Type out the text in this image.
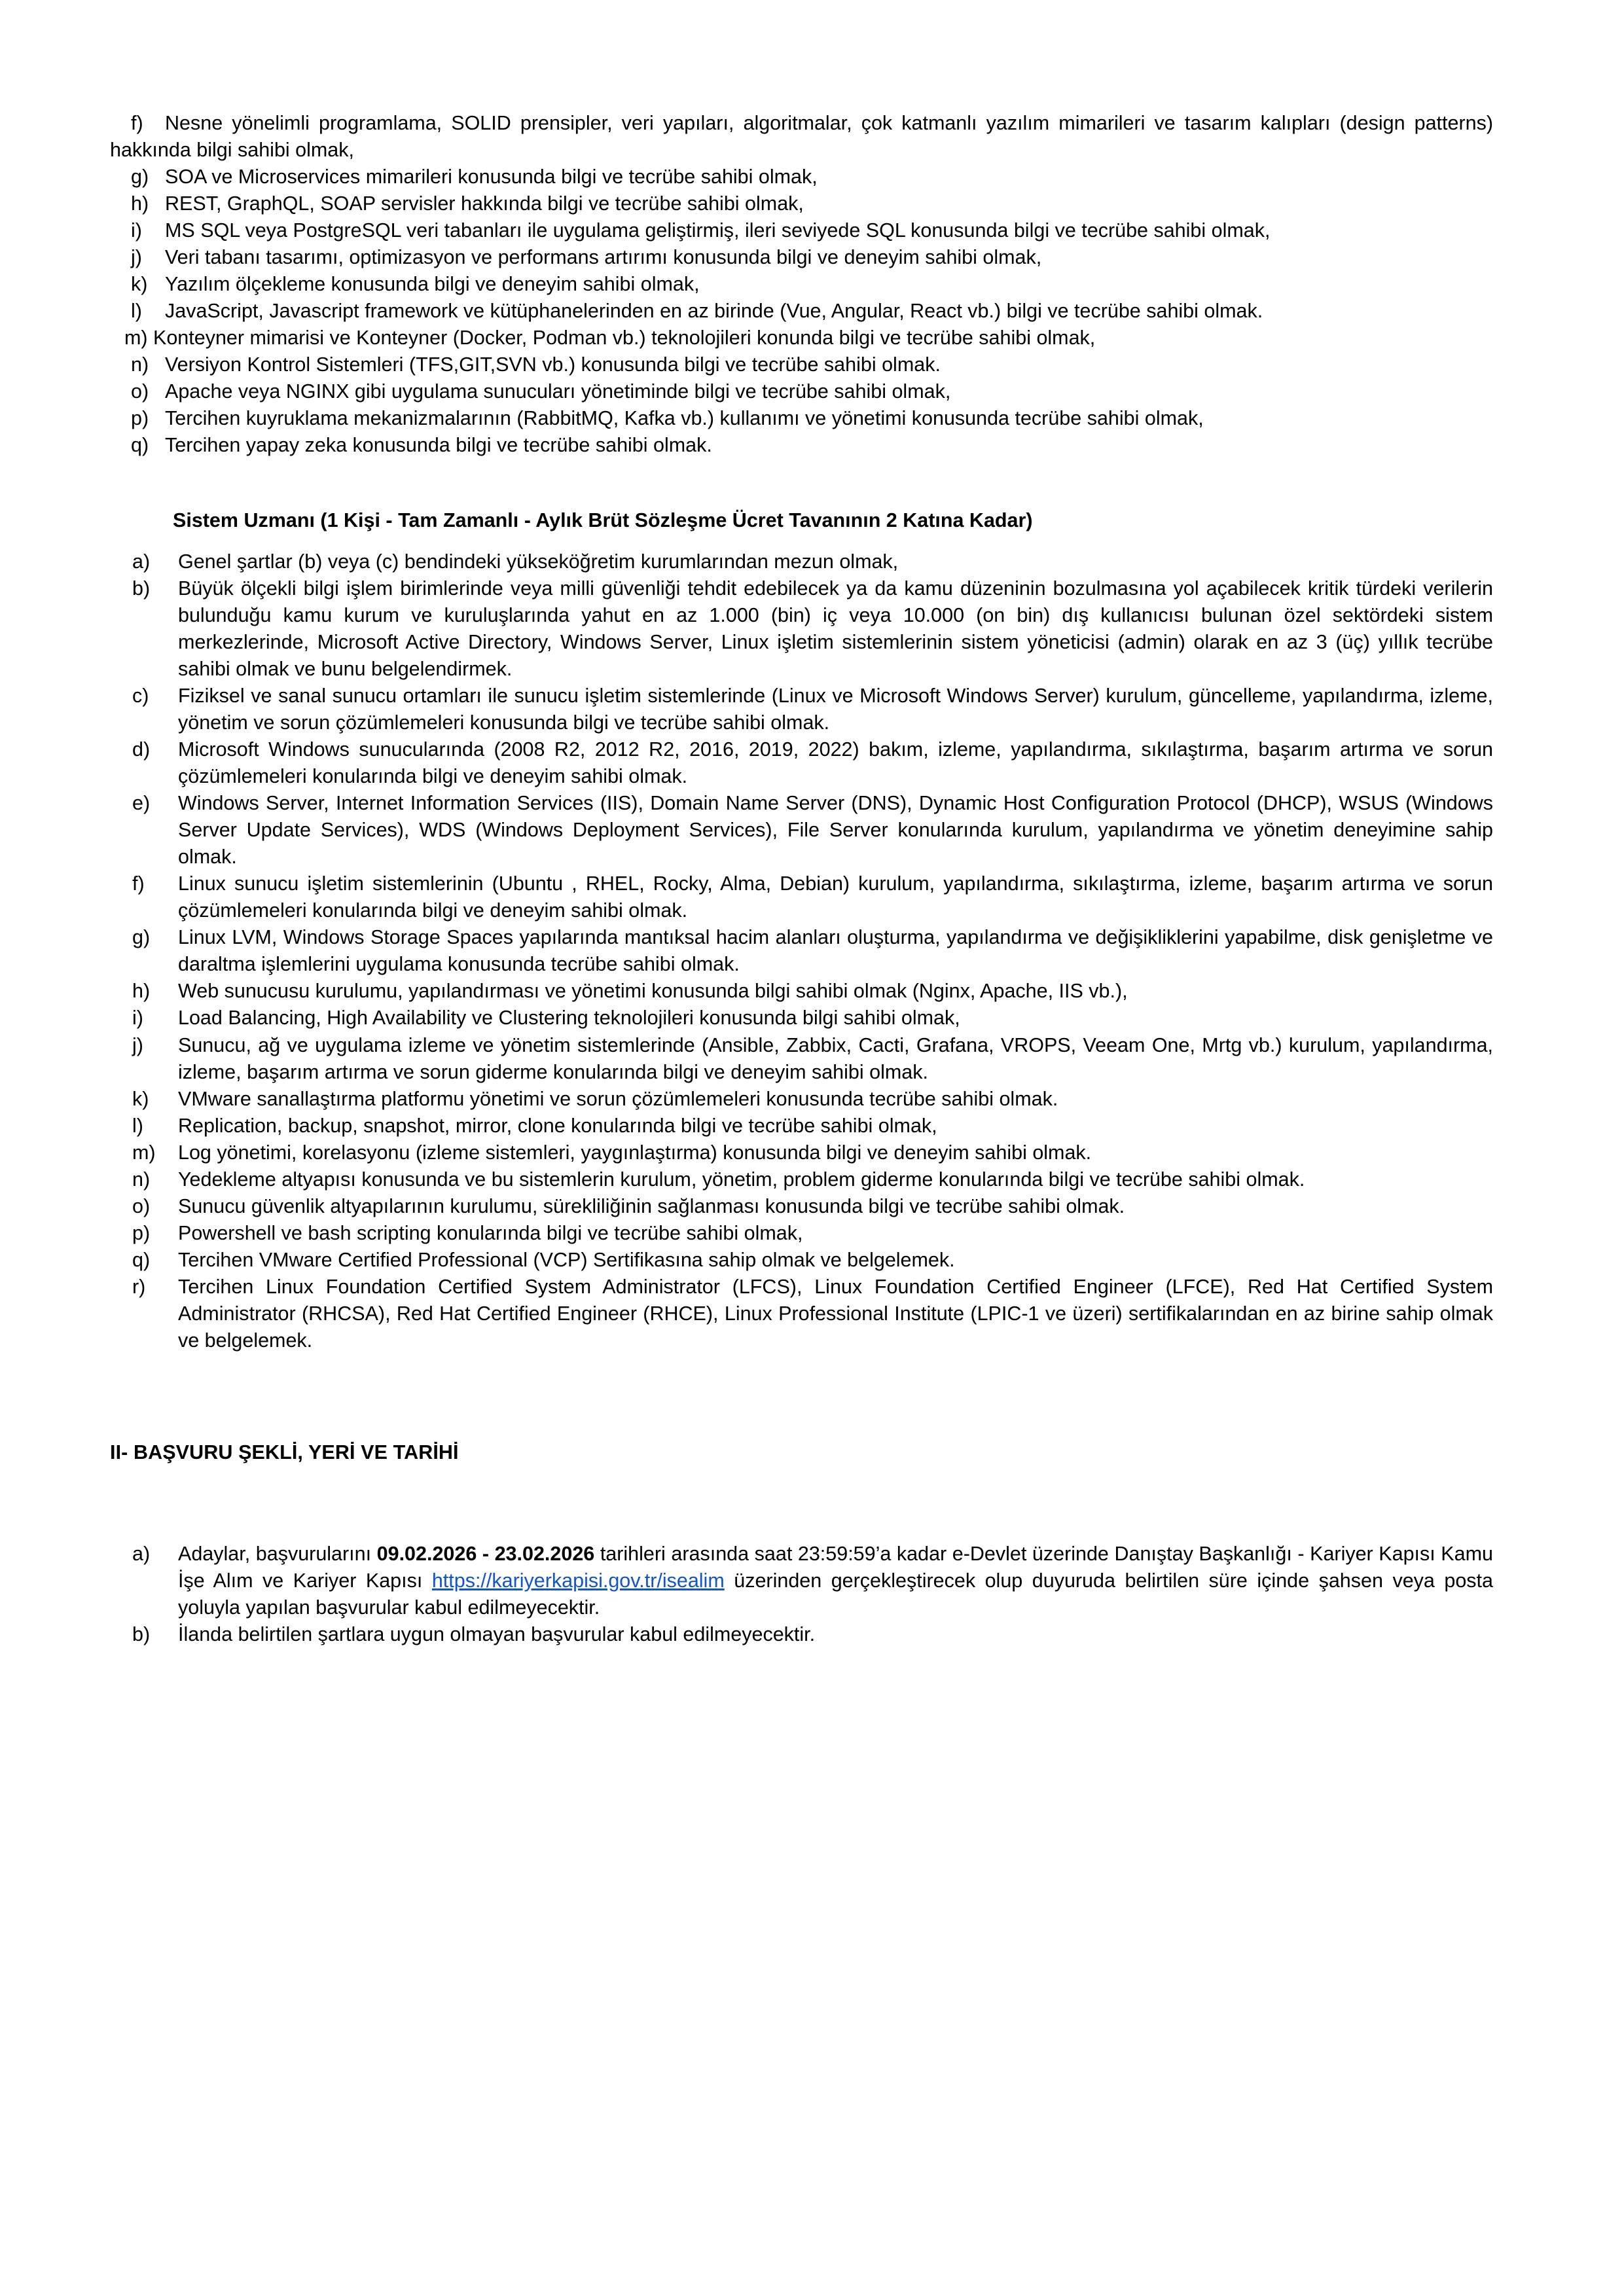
f) Nesne yönelimli programlama, SOLID prensipler, veri yapıları, algoritmalar, çok katmanlı yazılım mimarileri ve tasarım kalıpları (design patterns) hakkında bilgi sahibi olmak,
g) SOA ve Microservices mimarileri konusunda bilgi ve tecrübe sahibi olmak,
h) REST, GraphQL, SOAP servisler hakkında bilgi ve tecrübe sahibi olmak,
i) MS SQL veya PostgreSQL veri tabanları ile uygulama geliştirmiş, ileri seviyede SQL konusunda bilgi ve tecrübe sahibi olmak,
j) Veri tabanı tasarımı, optimizasyon ve performans artırımı konusunda bilgi ve deneyim sahibi olmak,
k) Yazılım ölçekleme konusunda bilgi ve deneyim sahibi olmak,
l) JavaScript, Javascript framework ve kütüphanelerinden en az birinde (Vue, Angular, React vb.) bilgi ve tecrübe sahibi olmak.
m) Konteyner mimarisi ve Konteyner (Docker, Podman vb.) teknolojileri konunda bilgi ve tecrübe sahibi olmak,
n) Versiyon Kontrol Sistemleri (TFS,GIT,SVN vb.) konusunda bilgi ve tecrübe sahibi olmak.
o) Apache veya NGINX gibi uygulama sunucuları yönetiminde bilgi ve tecrübe sahibi olmak,
p) Tercihen kuyruklama mekanizmalarının (RabbitMQ, Kafka vb.) kullanımı ve yönetimi konusunda tecrübe sahibi olmak,
q) Tercihen yapay zeka konusunda bilgi ve tecrübe sahibi olmak.
Sistem Uzmanı (1 Kişi - Tam Zamanlı - Aylık Brüt Sözleşme Ücret Tavanının 2 Katına Kadar)
a) Genel şartlar (b) veya (c) bendindeki yükseköğretim kurumlarından mezun olmak,
b) Büyük ölçekli bilgi işlem birimlerinde veya milli güvenliği tehdit edebilecek ya da kamu düzeninin bozulmasına yol açabilecek kritik türdeki verilerin bulunduğu kamu kurum ve kuruluşlarında yahut en az 1.000 (bin) iç veya 10.000 (on bin) dış kullanıcısı bulunan özel sektördeki sistem merkezlerinde, Microsoft Active Directory, Windows Server, Linux işletim sistemlerinin sistem yöneticisi (admin) olarak en az 3 (üç) yıllık tecrübe sahibi olmak ve bunu belgelendirmek.
c) Fiziksel ve sanal sunucu ortamları ile sunucu işletim sistemlerinde (Linux ve Microsoft Windows Server) kurulum, güncelleme, yapılandırma, izleme, yönetim ve sorun çözümlemeleri konusunda bilgi ve tecrübe sahibi olmak.
d) Microsoft Windows sunucularında (2008 R2, 2012 R2, 2016, 2019, 2022) bakım, izleme, yapılandırma, sıkılaştırma, başarım artırma ve sorun çözümlemeleri konularında bilgi ve deneyim sahibi olmak.
e) Windows Server, Internet Information Services (IIS), Domain Name Server (DNS), Dynamic Host Configuration Protocol (DHCP), WSUS (Windows Server Update Services), WDS (Windows Deployment Services), File Server konularında kurulum, yapılandırma ve yönetim deneyimine sahip olmak.
f) Linux sunucu işletim sistemlerinin (Ubuntu , RHEL, Rocky, Alma, Debian) kurulum, yapılandırma, sıkılaştırma, izleme, başarım artırma ve sorun çözümlemeleri konularında bilgi ve deneyim sahibi olmak.
g) Linux LVM, Windows Storage Spaces yapılarında mantıksal hacim alanları oluşturma, yapılandırma ve değişikliklerini yapabilme, disk genişletme ve daraltma işlemlerini uygulama konusunda tecrübe sahibi olmak.
h) Web sunucusu kurulumu, yapılandırması ve yönetimi konusunda bilgi sahibi olmak (Nginx, Apache, IIS vb.),
i) Load Balancing, High Availability ve Clustering teknolojileri konusunda bilgi sahibi olmak,
j) Sunucu, ağ ve uygulama izleme ve yönetim sistemlerinde (Ansible, Zabbix, Cacti, Grafana, VROPS, Veeam One, Mrtg vb.) kurulum, yapılandırma, izleme, başarım artırma ve sorun giderme konularında bilgi ve deneyim sahibi olmak.
k) VMware sanallaştırma platformu yönetimi ve sorun çözümlemeleri konusunda tecrübe sahibi olmak.
l) Replication, backup, snapshot, mirror, clone konularında bilgi ve tecrübe sahibi olmak,
m) Log yönetimi, korelasyonu (izleme sistemleri, yaygınlaştırma) konusunda bilgi ve deneyim sahibi olmak.
n) Yedekleme altyapısı konusunda ve bu sistemlerin kurulum, yönetim, problem giderme konularında bilgi ve tecrübe sahibi olmak.
o) Sunucu güvenlik altyapılarının kurulumu, sürekliliğinin sağlanması konusunda bilgi ve tecrübe sahibi olmak.
p) Powershell ve bash scripting konularında bilgi ve tecrübe sahibi olmak,
q) Tercihen VMware Certified Professional (VCP) Sertifikasına sahip olmak ve belgelemek.
r) Tercihen Linux Foundation Certified System Administrator (LFCS), Linux Foundation Certified Engineer (LFCE), Red Hat Certified System Administrator (RHCSA), Red Hat Certified Engineer (RHCE), Linux Professional Institute (LPIC-1 ve üzeri) sertifikalarından en az birine sahip olmak ve belgelemek.
II- BAŞVURU ŞEKLİ, YERİ VE TARİHİ
a) Adaylar, başvurularını 09.02.2026 - 23.02.2026 tarihleri arasında saat 23:59:59’a kadar e-Devlet üzerinde Danıştay Başkanlığı - Kariyer Kapısı Kamu İşe Alım ve Kariyer Kapısı https://kariyerkapisi.gov.tr/isealim üzerinden gerçekleştirecek olup duyuruda belirtilen süre içinde şahsen veya posta yoluyla yapılan başvurular kabul edilmeyecektir.
b) İlanda belirtilen şartlara uygun olmayan başvurular kabul edilmeyecektir.
